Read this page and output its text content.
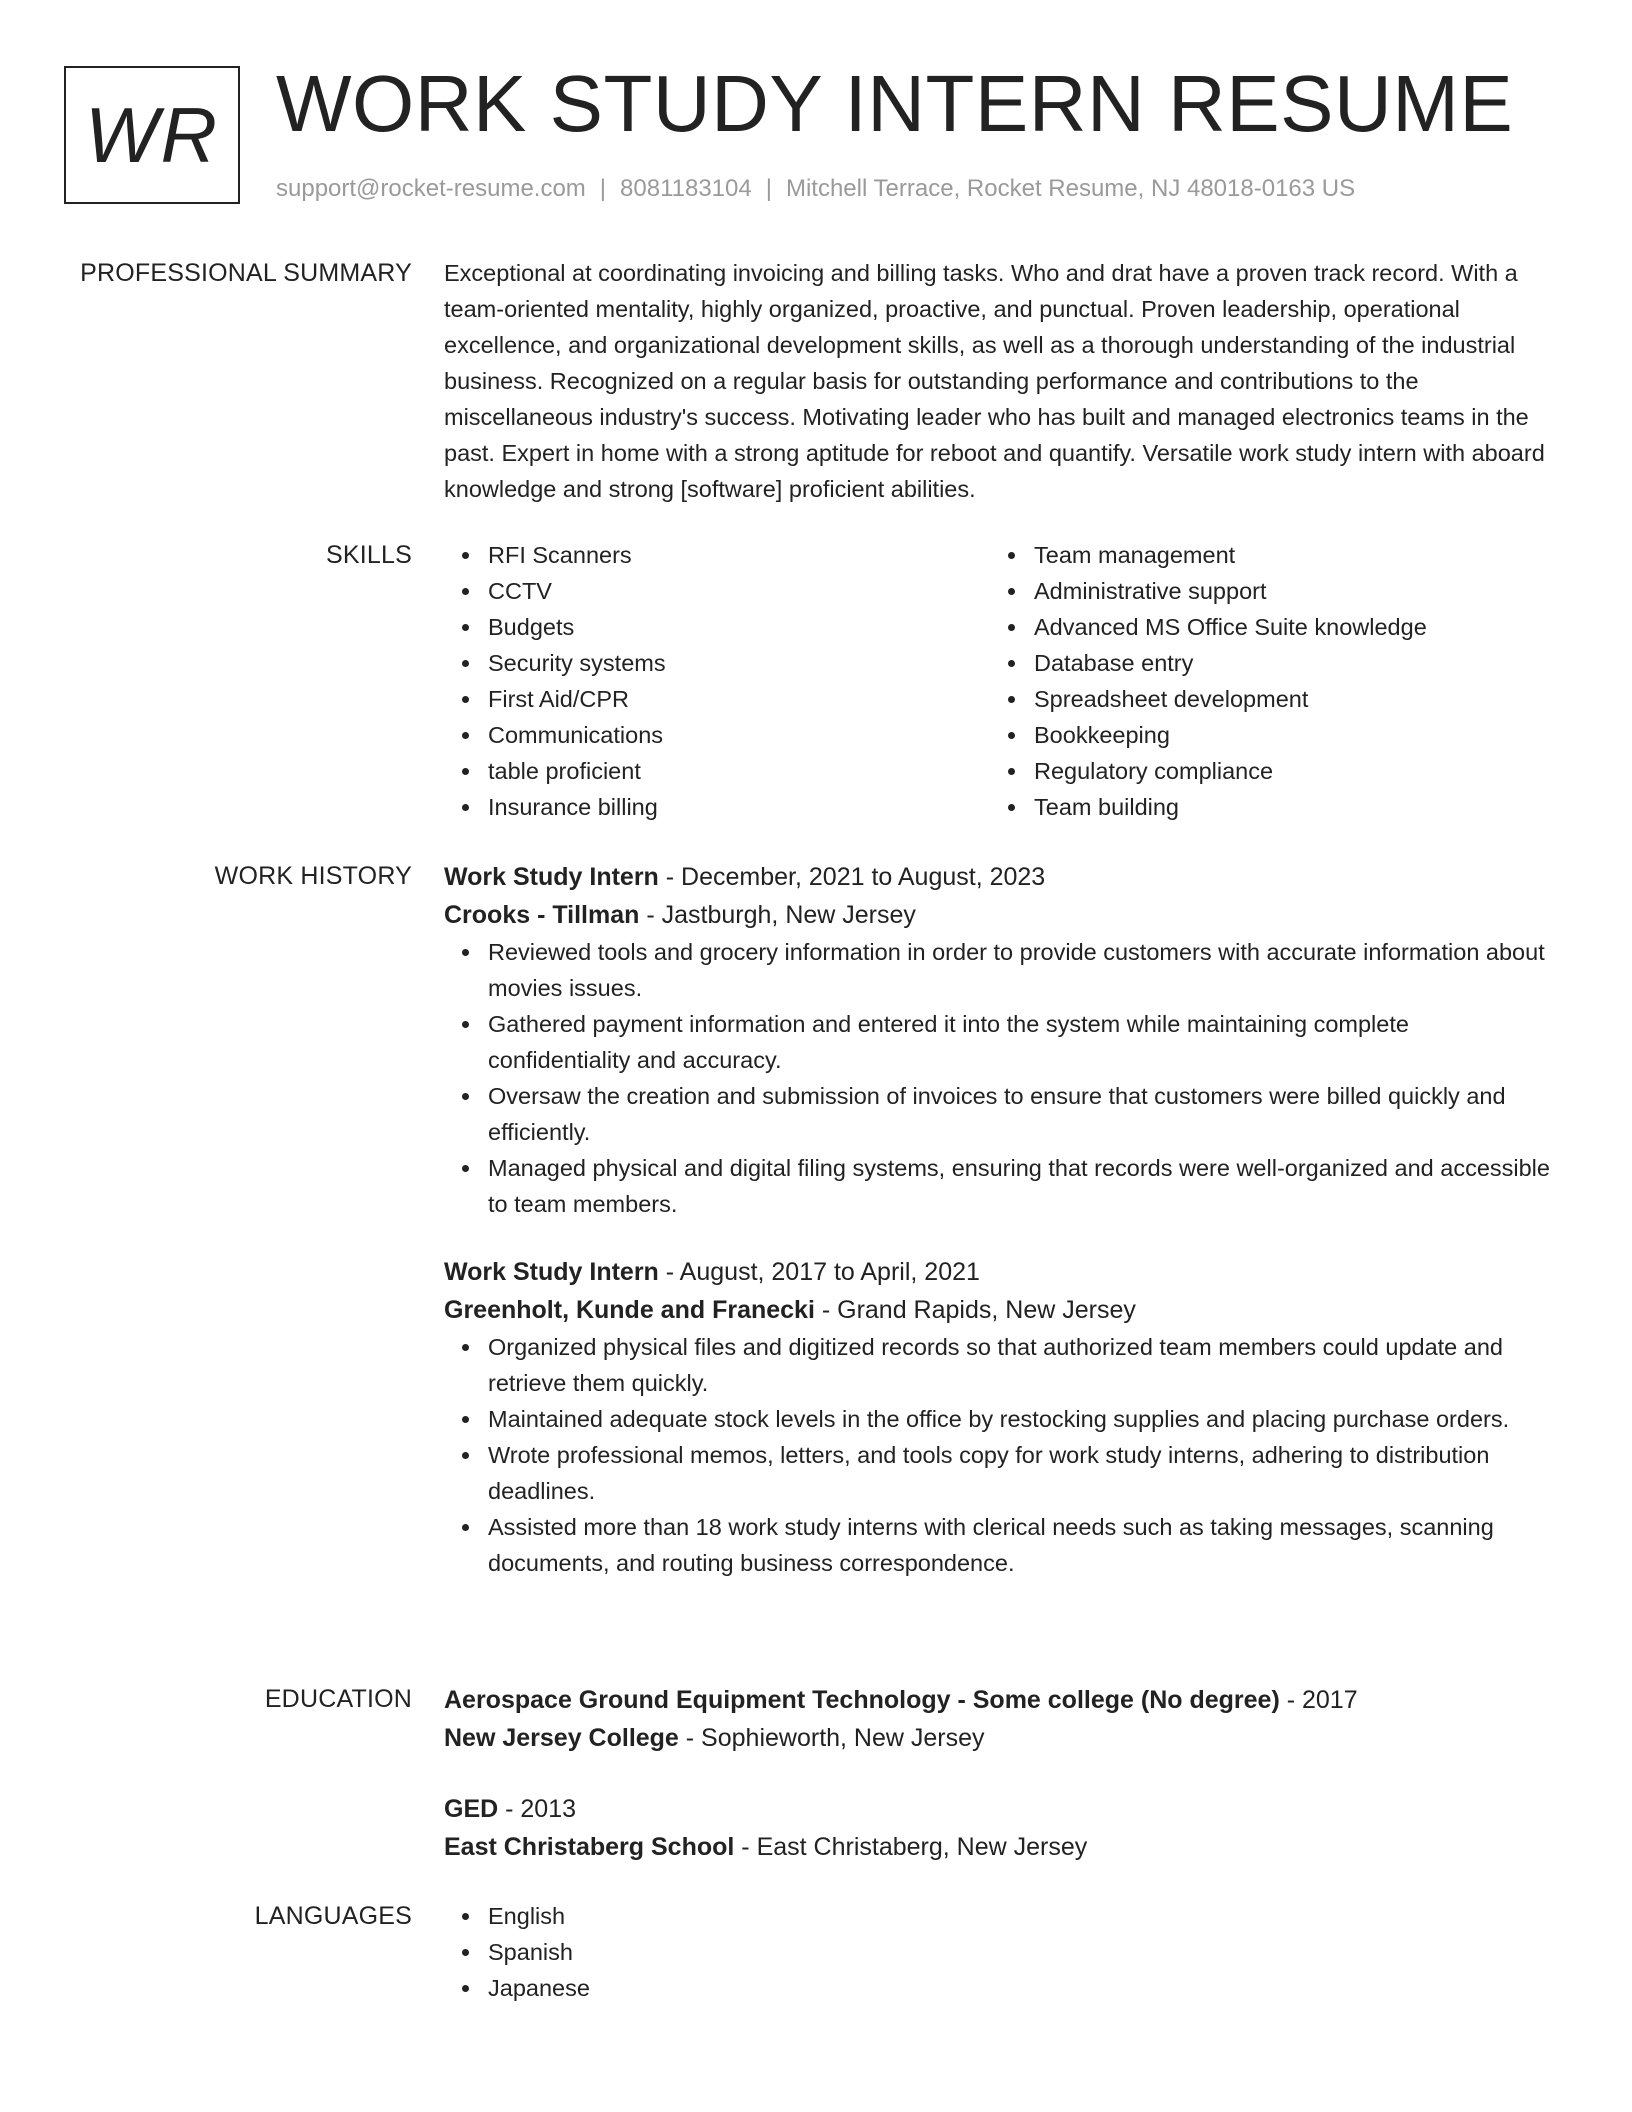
WR WORK STUDY INTERN RESUME

support@rocket-resume.com | 8081183104 | Mitchell Terrace, Rocket Resume, NJ 48018-0163 US

PROFESSIONAL SUMMARY Exceptional at coordinating invoicing and billing tasks. Who and drat have a proven track record. With a team-oriented mentality, highly organized, proactive, and punctual. Proven leadership, operational excellence, and organizational development skills, as well as a thorough understanding of the industrial business. Recognized on a regular basis for outstanding performance and contributions to the miscellaneous industry's success. Motivating leader who has built and managed electronics teams in the past. Expert in home with a strong aptitude for reboot and quantify. Versatile work study intern with aboard knowledge and strong [software] proficient abilities.

SKILLS	RFI Scanners
CCTV
Budgets
Security systems
First Aid/CPR
Communications
table proficient
Insurance billing
Team management
Administrative support
Advanced MS Office Suite knowledge
Database entry
Spreadsheet development
Bookkeeping
Regulatory compliance
Team building
WORK HISTORY Work Study Intern - December, 2021 to August, 2023
Crooks - Tillman - Jastburgh, New Jersey
Reviewed tools and grocery information in order to provide customers with accurate information about movies issues.
Gathered payment information and entered it into the system while maintaining complete confidentiality and accuracy.
Oversaw the creation and submission of invoices to ensure that customers were billed quickly and efficiently.
Managed physical and digital filing systems, ensuring that records were well-organized and accessible to team members.
Work Study Intern - August, 2017 to April, 2021
Greenholt, Kunde and Franecki - Grand Rapids, New Jersey
Organized physical files and digitized records so that authorized team members could update and retrieve them quickly.
Maintained adequate stock levels in the office by restocking supplies and placing purchase orders.
Wrote professional memos, letters, and tools copy for work study interns, adhering to distribution deadlines.
Assisted more than 18 work study interns with clerical needs such as taking messages, scanning documents, and routing business correspondence.
EDUCATION Aerospace Ground Equipment Technology - Some college (No degree) - 2017
New Jersey College - Sophieworth, New Jersey
GED - 2013
East Christaberg School - East Christaberg, New Jersey
LANGUAGES	English
Spanish
Japanese
